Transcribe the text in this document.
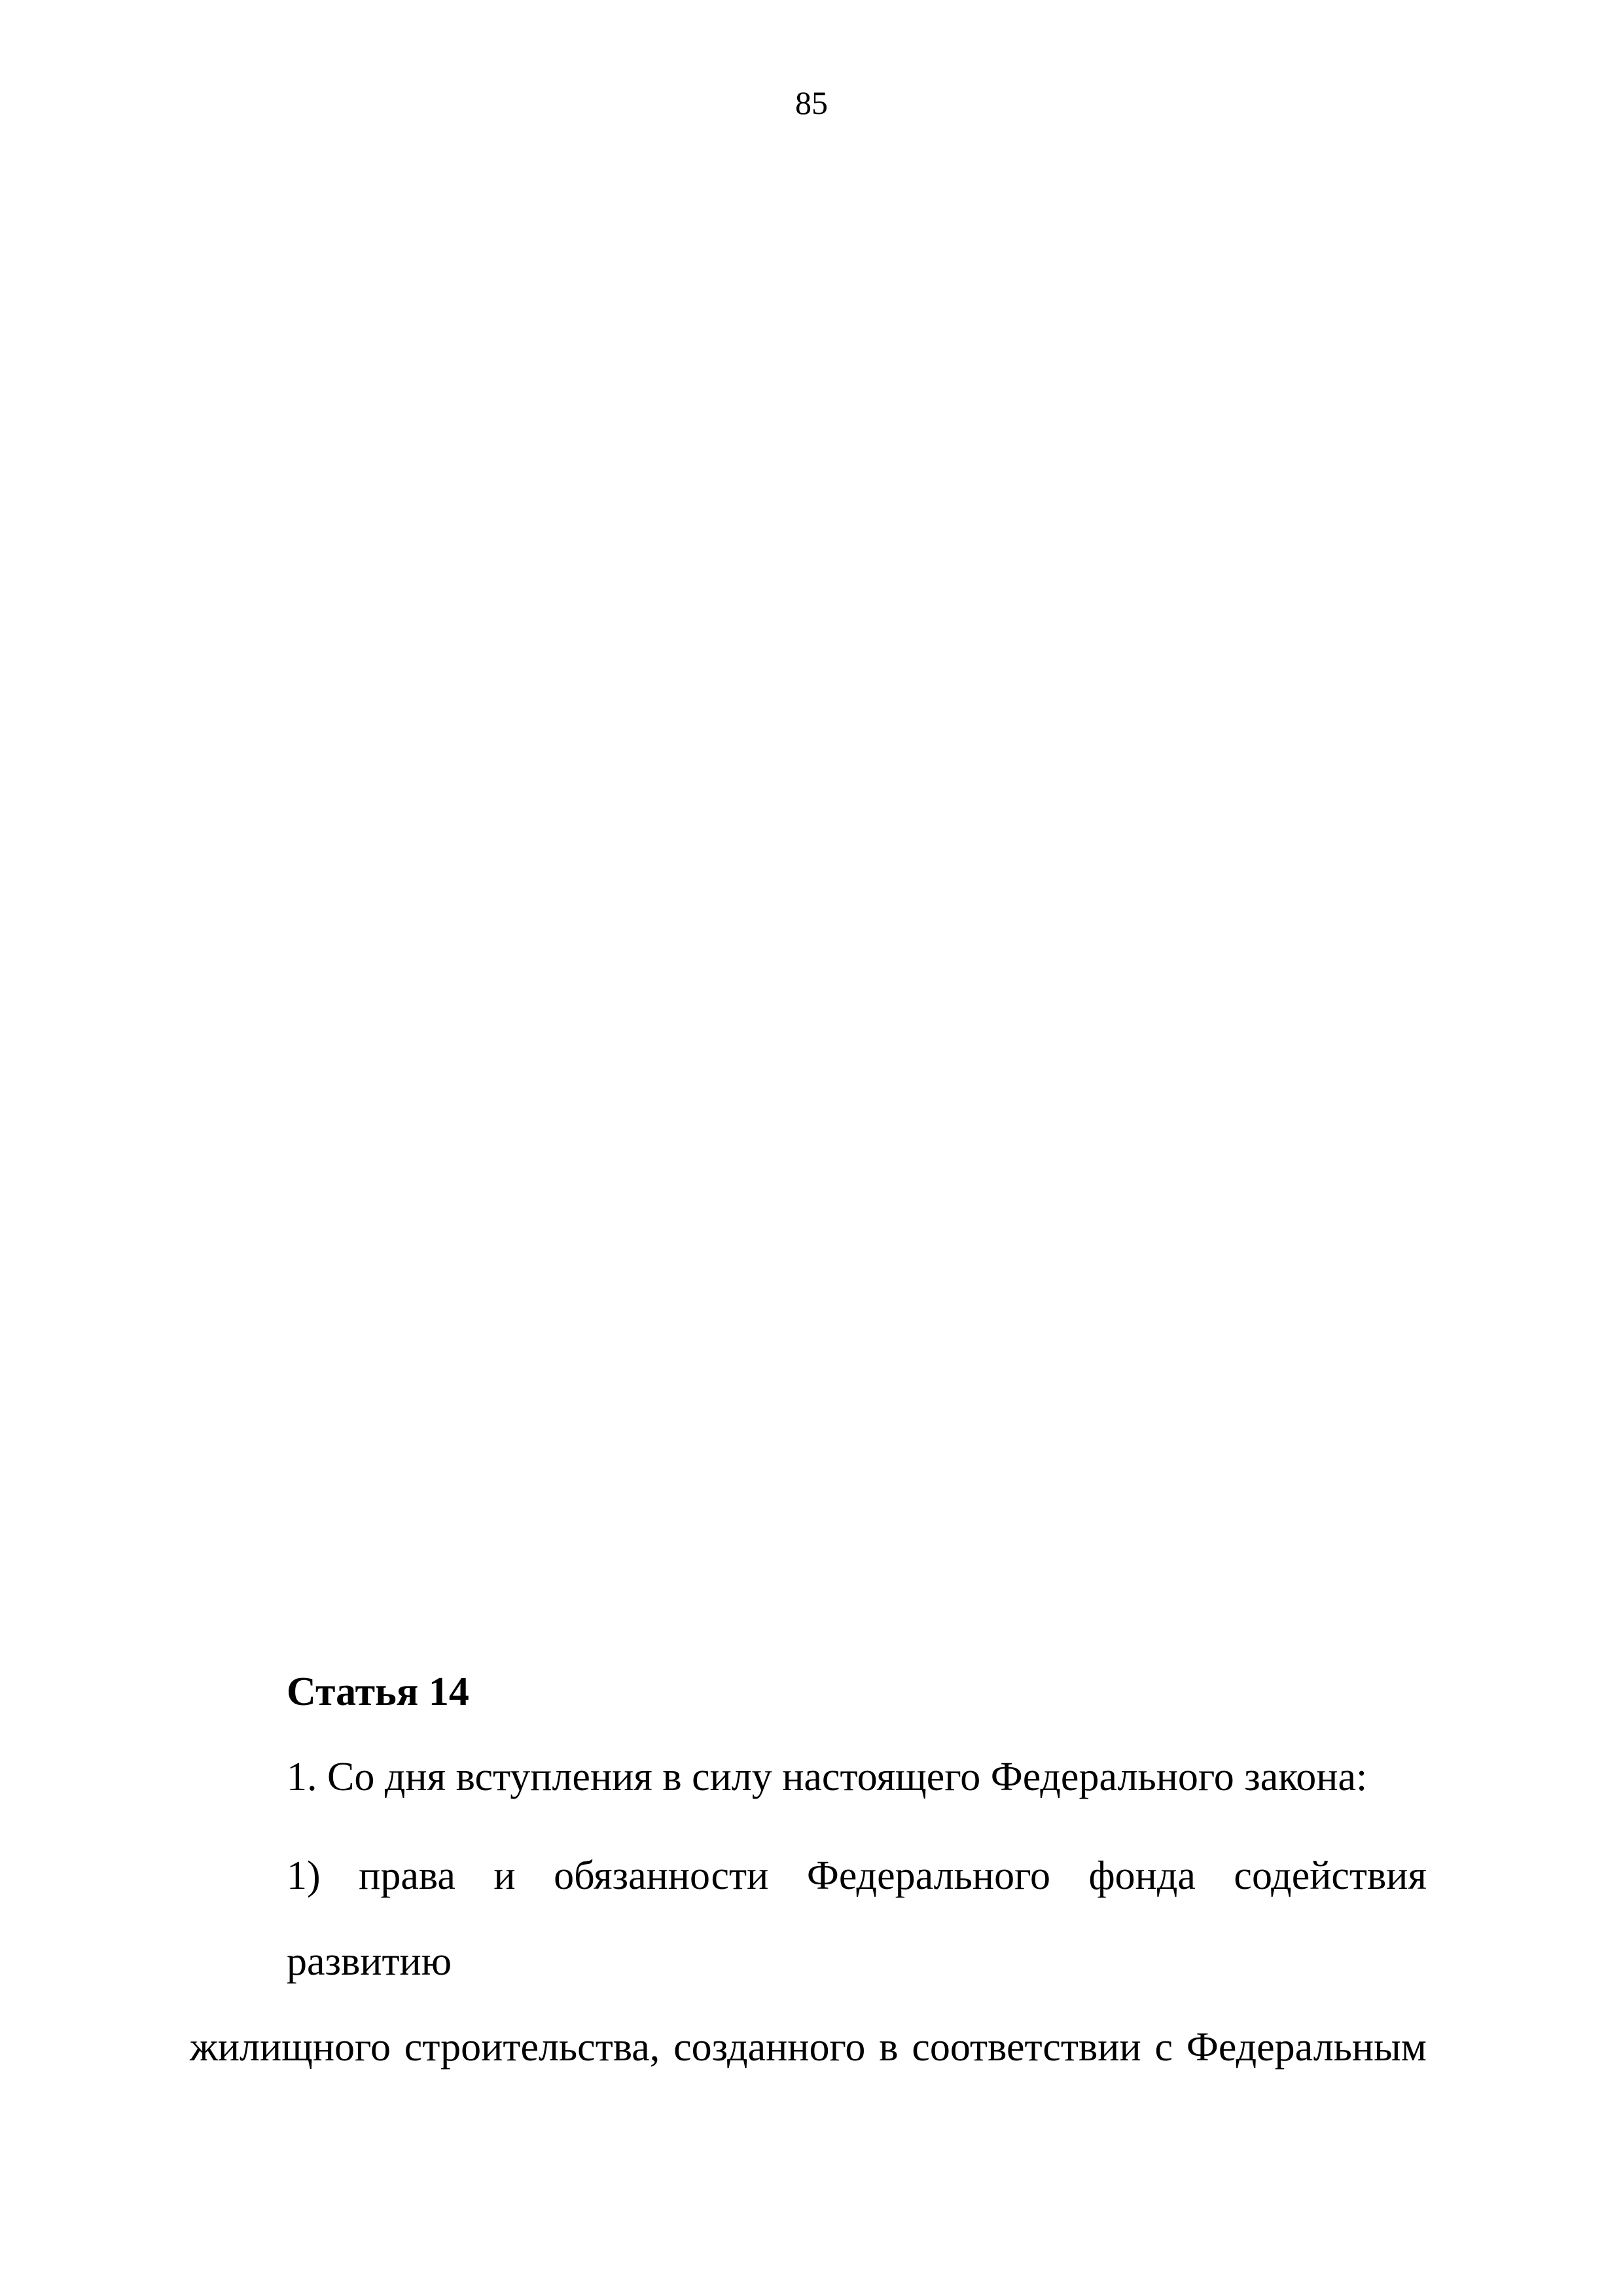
85
Статья 14
1. Со дня вступления в силу настоящего Федерального закона:
1) права и обязанности Федерального фонда содействия развитию
жилищного строительства, созданного в соответствии с Федеральным
